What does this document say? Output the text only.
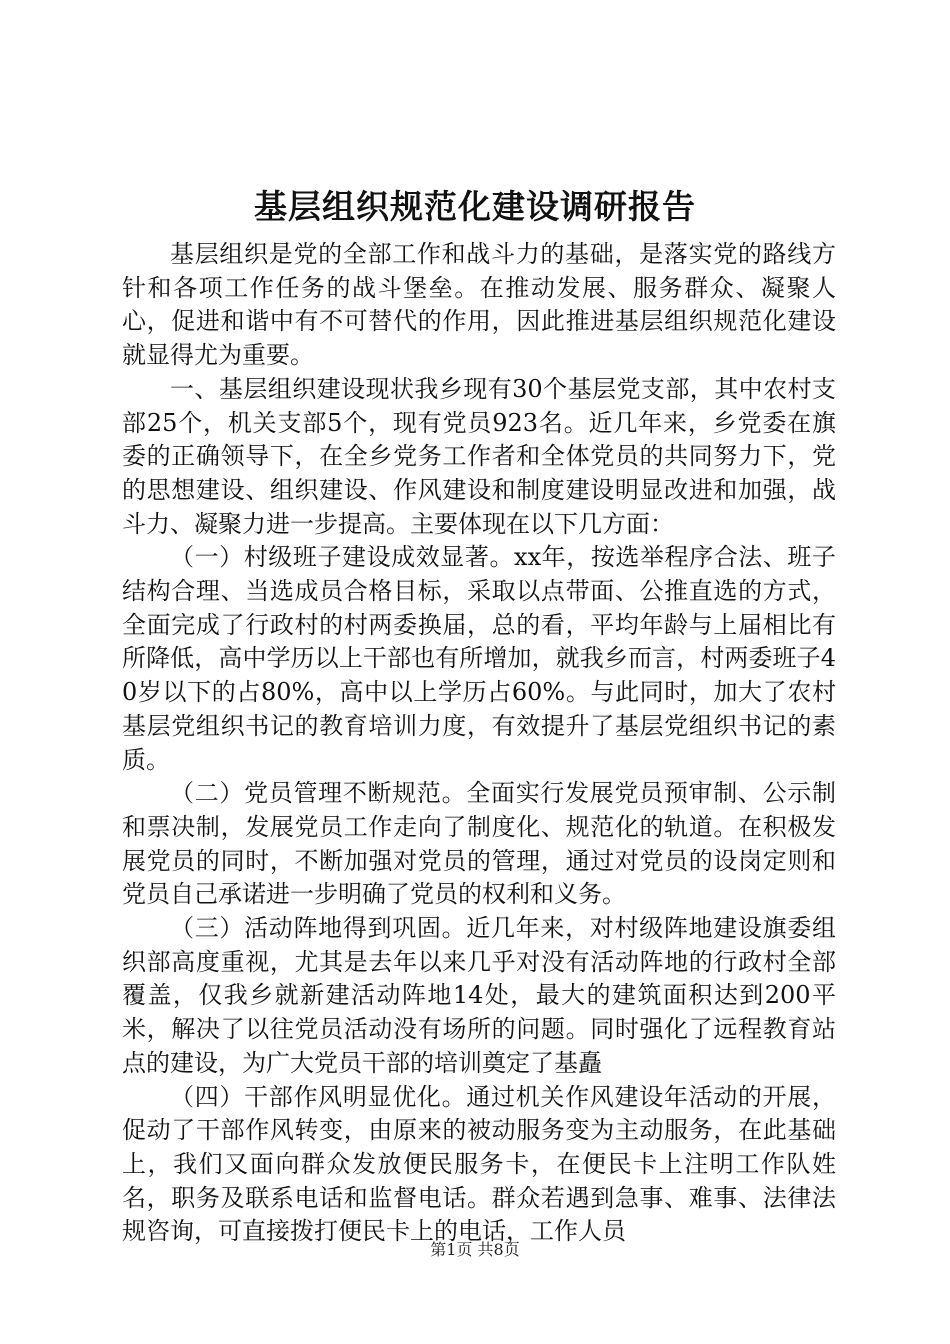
基层组织规范化建设调研报告

基层组织是党的全部工作和战斗力的基础，是落实党的路线方针和各项工作任务的战斗堡垒。在推动发展、服务群众、凝聚人心，促进和谐中有不可替代的作用，因此推进基层组织规范化建设就显得尤为重要。

一、基层组织建设现状我乡现有30个基层党支部，其中农村支部25个，机关支部5个，现有党员923名。近几年来，乡党委在旗委的正确领导下，在全乡党务工作者和全体党员的共同努力下，党的思想建设、组织建设、作风建设和制度建设明显改进和加强，战斗力、凝聚力进一步提高。主要体现在以下几方面：

（一）村级班子建设成效显著。xx年，按选举程序合法、班子结构合理、当选成员合格目标，采取以点带面、公推直选的方式，全面完成了行政村的村两委换届，总的看，平均年龄与上届相比有所降低，高中学历以上干部也有所增加，就我乡而言，村两委班子40岁以下的占80%，高中以上学历占60%。与此同时，加大了农村基层党组织书记的教育培训力度，有效提升了基层党组织书记的素质。

（二）党员管理不断规范。全面实行发展党员预审制、公示制和票决制，发展党员工作走向了制度化、规范化的轨道。在积极发展党员的同时，不断加强对党员的管理，通过对党员的设岗定则和党员自己承诺进一步明确了党员的权利和义务。

（三）活动阵地得到巩固。近几年来，对村级阵地建设旗委组织部高度重视，尤其是去年以来几乎对没有活动阵地的行政村全部覆盖，仅我乡就新建活动阵地14处，最大的建筑面积达到200平米，解决了以往党员活动没有场所的问题。同时强化了远程教育站点的建设，为广大党员干部的培训奠定了基矗

（四）干部作风明显优化。通过机关作风建设年活动的开展，促动了干部作风转变，由原来的被动服务变为主动服务，在此基础上，我们又面向群众发放便民服务卡，在便民卡上注明工作队姓名，职务及联系电话和监督电话。群众若遇到急事、难事、法律法规咨询，可直接拨打便民卡上的电话，工作人员

第1页 共8页
